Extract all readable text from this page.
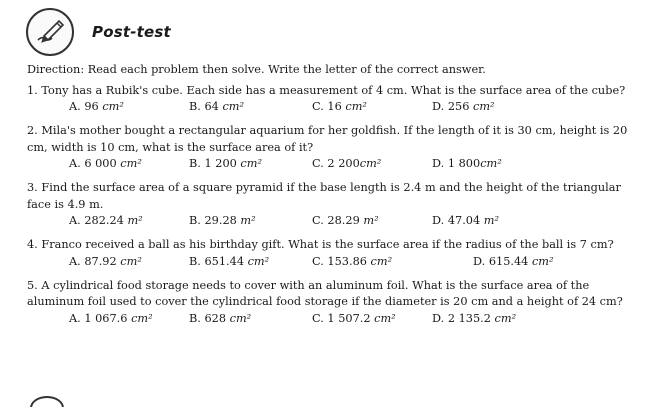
Post-test

Direction: Read each problem then solve. Write the letter of the correct answer.

1. Tony has a Rubik's cube. Each side has a measurement of 4 cm. What is the surface area of the cube?

A. 96 cm²	B. 64 cm²	C. 16 cm²	D. 256 cm²

2. Mila's mother bought a rectangular aquarium for her goldfish. If the length of it is 30 cm, height is 20 cm, width is 10 cm, what is the surface area of it?

A. 6 000 cm²	B. 1 200 cm²	C. 2 200cm²	D. 1 800cm²

3. Find the surface area of a square pyramid if the base length is 2.4 m and the height of the triangular face is 4.9 m.

A. 282.24 m²	B. 29.28 m²	C. 28.29 m²	D. 47.04 m²

4. Franco received a ball as his birthday gift. What is the surface area if the radius of the ball is 7 cm?

A. 87.92 cm²	B. 651.44 cm²	C. 153.86 cm²	D. 615.44 cm²

5. A cylindrical food storage needs to cover with an aluminum foil. What is the surface area of the aluminum foil used to cover the cylindrical food storage if the diameter is 20 cm and a height of 24 cm?

A. 1 067.6 cm²	B. 628 cm²	C. 1 507.2 cm²	D. 2 135.2 cm²
